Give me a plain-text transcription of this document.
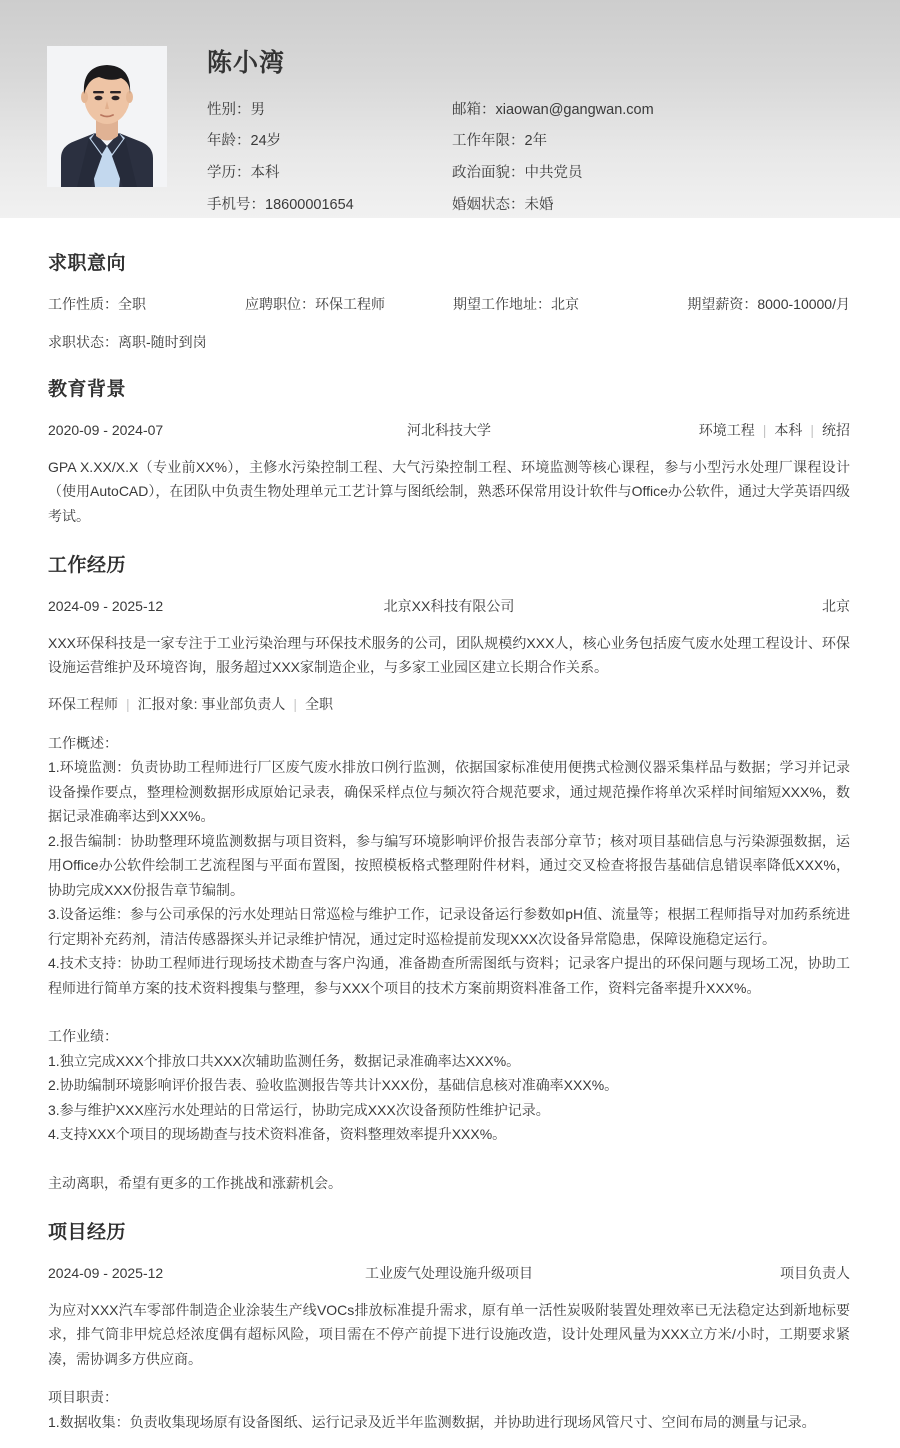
陈小湾
性别：男	邮箱：xiaowan@gangwan.com
年龄：24岁	工作年限：2年
学历：本科	政治面貌：中共党员
手机号：18600001654	婚姻状态：未婚
求职意向
工作性质：全职	应聘职位：环保工程师	期望工作地址：北京	期望薪资：8000-10000/月
求职状态：离职-随时到岗
教育背景
2020-09 - 2024-07	河北科技大学	环境工程 | 本科 | 统招
GPA X.XX/X.X（专业前XX%），主修水污染控制工程、大气污染控制工程、环境监测等核心课程，参与小型污水处理厂课程设计（使用AutoCAD），在团队中负责生物处理单元工艺计算与图纸绘制，熟悉环保常用设计软件与Office办公软件，通过大学英语四级考试。
工作经历
2024-09 - 2025-12	北京XX科技有限公司	北京
XXX环保科技是一家专注于工业污染治理与环保技术服务的公司，团队规模约XXX人，核心业务包括废气废水处理工程设计、环保设施运营维护及环境咨询，服务超过XXX家制造企业，与多家工业园区建立长期合作关系。
环保工程师 | 汇报对象: 事业部负责人 | 全职
工作概述：
1.环境监测：负责协助工程师进行厂区废气废水排放口例行监测，依据国家标准使用便携式检测仪器采集样品与数据；学习并记录设备操作要点，整理检测数据形成原始记录表，确保采样点位与频次符合规范要求，通过规范操作将单次采样时间缩短XXX%，数据记录准确率达到XXX%。
2.报告编制：协助整理环境监测数据与项目资料，参与编写环境影响评价报告表部分章节；核对项目基础信息与污染源强数据，运用Office办公软件绘制工艺流程图与平面布置图，按照模板格式整理附件材料，通过交叉检查将报告基础信息错误率降低XXX%，协助完成XXX份报告章节编制。
3.设备运维：参与公司承保的污水处理站日常巡检与维护工作，记录设备运行参数如pH值、流量等；根据工程师指导对加药系统进行定期补充药剂，清洁传感器探头并记录维护情况，通过定时巡检提前发现XXX次设备异常隐患，保障设施稳定运行。
4.技术支持：协助工程师进行现场技术勘查与客户沟通，准备勘查所需图纸与资料；记录客户提出的环保问题与现场工况，协助工程师进行简单方案的技术资料搜集与整理，参与XXX个项目的技术方案前期资料准备工作，资料完备率提升XXX%。
工作业绩：
1.独立完成XXX个排放口共XXX次辅助监测任务，数据记录准确率达XXX%。
2.协助编制环境影响评价报告表、验收监测报告等共计XXX份，基础信息核对准确率XXX%。
3.参与维护XXX座污水处理站的日常运行，协助完成XXX次设备预防性维护记录。
4.支持XXX个项目的现场勘查与技术资料准备，资料整理效率提升XXX%。
主动离职，希望有更多的工作挑战和涨薪机会。
项目经历
2024-09 - 2025-12	工业废气处理设施升级项目	项目负责人
为应对XXX汽车零部件制造企业涂装生产线VOCs排放标准提升需求，原有单一活性炭吸附装置处理效率已无法稳定达到新地标要求，排气筒非甲烷总烃浓度偶有超标风险，项目需在不停产前提下进行设施改造，设计处理风量为XXX立方米/小时，工期要求紧凑，需协调多方供应商。
项目职责：
1.数据收集：负责收集现场原有设备图纸、运行记录及近半年监测数据，并协助进行现场风管尺寸、空间布局的测量与记录。
